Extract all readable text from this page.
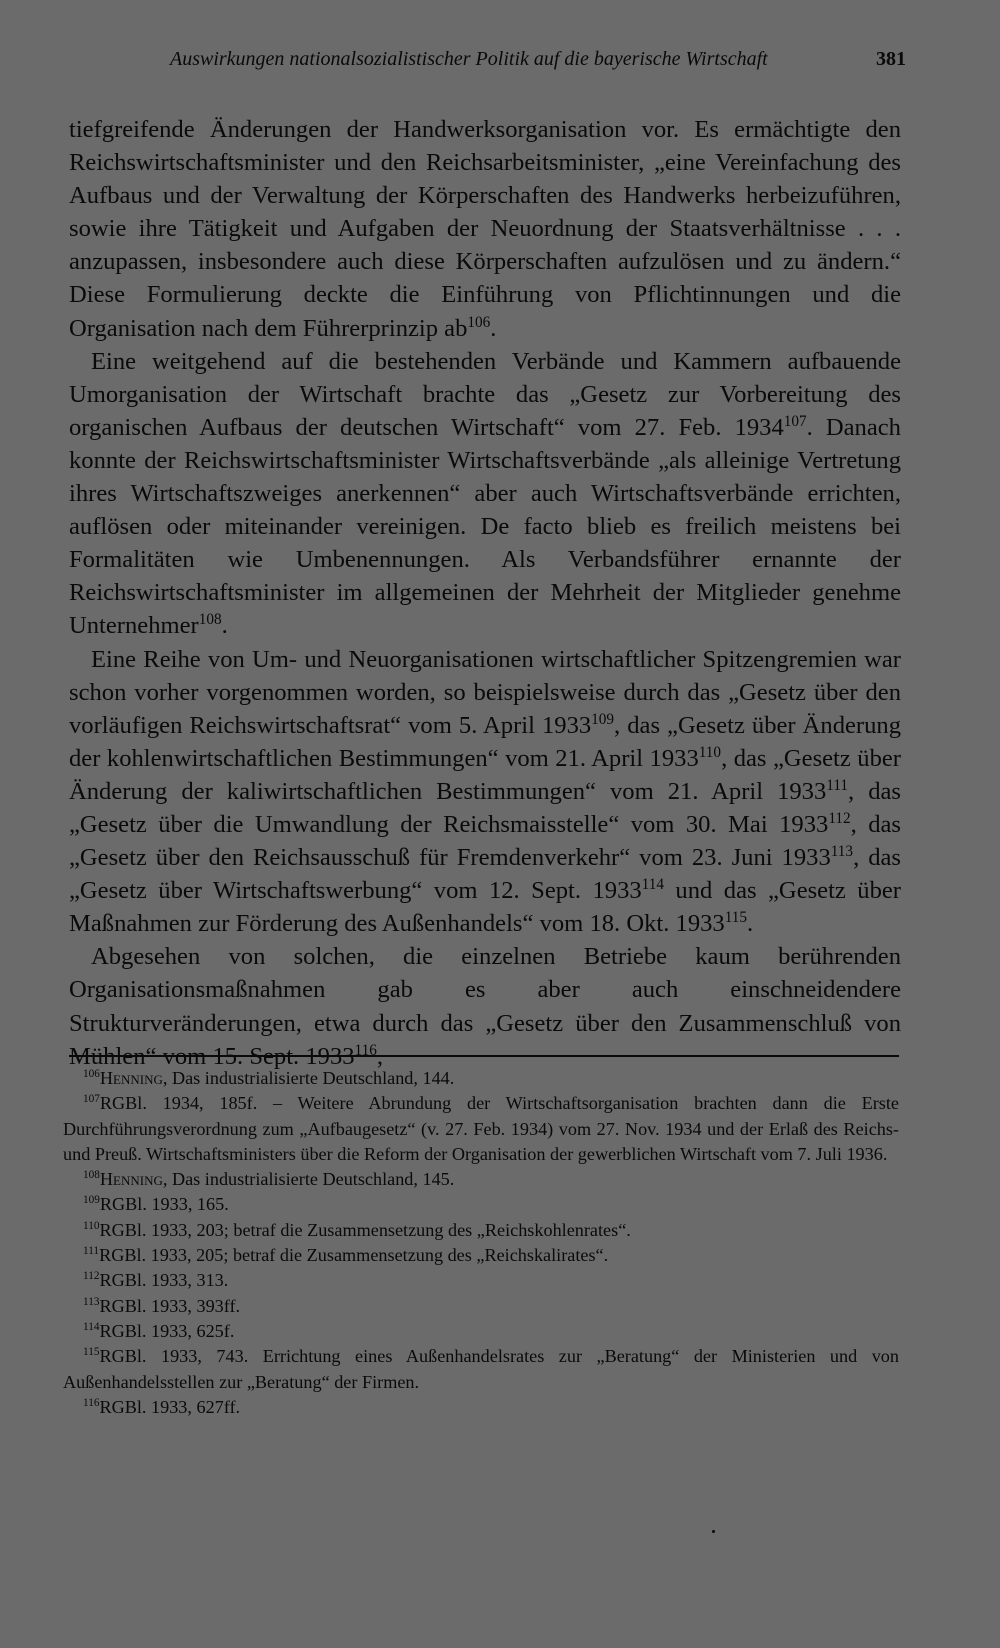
Auswirkungen nationalsozialistischer Politik auf die bayerische Wirtschaft	381

tiefgreifende Änderungen der Handwerksorganisation vor. Es ermächtigte den Reichswirtschaftsminister und den Reichsarbeitsminister, „eine Vereinfachung des Aufbaus und der Verwaltung der Körperschaften des Handwerks herbeizuführen, sowie ihre Tätigkeit und Aufgaben der Neuordnung der Staatsverhältnisse . . . anzupassen, insbesondere auch diese Körperschaften aufzulösen und zu ändern.“ Diese Formulierung deckte die Einführung von Pflichtinnungen und die Organisation nach dem Führerprinzip $ab^{106}$.

Eine weitgehend auf die bestehenden Verbände und Kammern aufbauende Umorganisation der Wirtschaft brachte das „Gesetz zur Vorbereitung des organischen Aufbaus der deutschen Wirtschaft“ vom 27. Feb. 1934$^{107}$. Danach konnte der Reichswirtschaftsminister Wirtschaftsverbände „als alleinige Vertretung ihres Wirtschaftszweiges anerkennen“ aber auch Wirtschaftsverbände errichten, auflösen oder miteinander vereinigen. De facto blieb es freilich meistens bei Formalitäten wie Umbenennungen. Als Verbandsführer ernannte der Reichswirtschaftsminister im allgemeinen der Mehrheit der Mitglieder genehme Unternehmer$^{108}$.

Eine Reihe von Um- und Neuorganisationen wirtschaftlicher Spitzengremien war schon vorher vorgenommen worden, so beispielsweise durch das „Gesetz über den vorläufigen Reichswirtschaftsrat“ vom 5. April 1933$^{109}$, das „Gesetz über Änderung der kohlenwirtschaftlichen Bestimmungen“ vom 21. April 1933$^{110}$, das „Gesetz über Änderung der kaliwirtschaftlichen Bestimmungen“ vom 21. April 1933$^{111}$, das „Gesetz über die Umwandlung der Reichsmaisstelle“ vom 30. Mai 1933$^{112}$, das „Gesetz über den Reichsausschuß für Fremdenverkehr“ vom 23. Juni 1933$^{113}$, das „Gesetz über Wirtschaftswerbung“ vom 12. Sept. 1933$^{114}$ und das „Gesetz über Maßnahmen zur Förderung des Außenhandels“ vom 18. Okt. 1933$^{115}$.

Abgesehen von solchen, die einzelnen Betriebe kaum berührenden Organisationsmaßnahmen gab es aber auch einschneidendere Strukturveränderungen, etwa durch das „Gesetz über den Zusammenschluß von Mühlen“ vom 15. Sept. 1933$^{116}$,

$^{106}$Henning, Das industrialisierte Deutschland, 144.

$^{107}$RGBl. 1934, 185f. – Weitere Abrundung der Wirtschaftsorganisation brachten dann die Erste Durchführungsverordnung zum „Aufbaugesetz“ (v. 27. Feb. 1934) vom 27. Nov. 1934 und der Erlaß des Reichs- und Preuß. Wirtschaftsministers über die Reform der Organisation der gewerblichen Wirtschaft vom 7. Juli 1936.

$^{108}$Henning, Das industrialisierte Deutschland, 145.

$^{109}$RGBl. 1933, 165.

$^{110}$RGBl. 1933, 203; betraf die Zusammensetzung des „Reichskohlenrates“.

$^{111}$RGBl. 1933, 205; betraf die Zusammensetzung des „Reichskalirates“.

$^{112}$RGBl. 1933, 313.

$^{113}$RGBl. 1933, 393ff.

$^{114}$RGBl. 1933, 625f.

$^{115}$RGBl. 1933, 743. Errichtung eines Außenhandelsrates zur „Beratung“ der Ministerien und von Außenhandelsstellen zur „Beratung“ der Firmen.

$^{116}$RGBl. 1933, 627ff.
